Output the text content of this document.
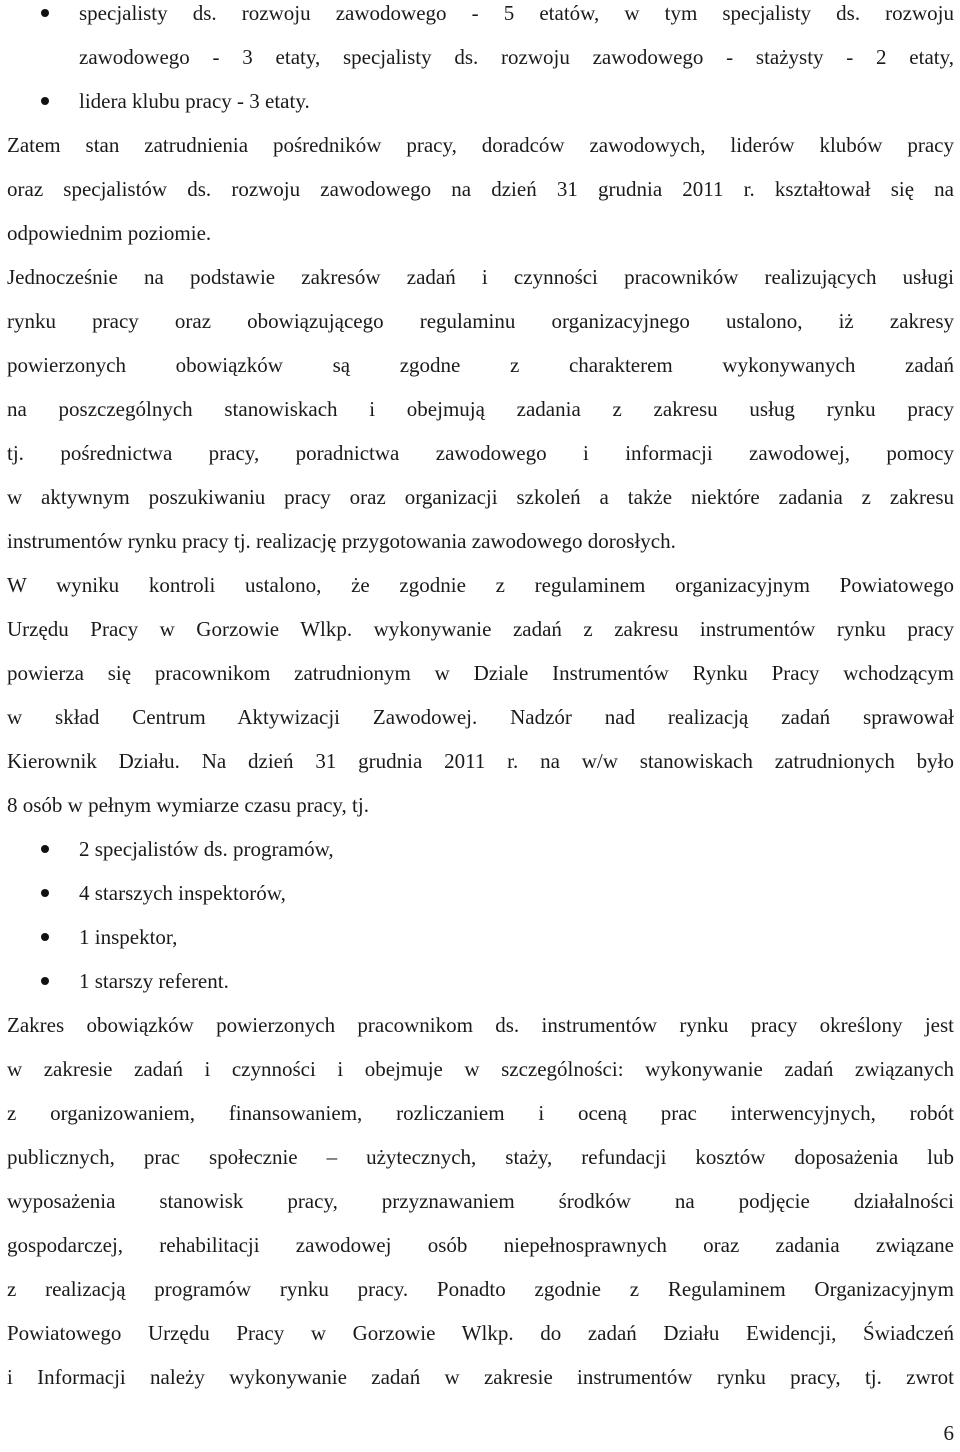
specjalisty ds. rozwoju zawodowego - 5 etatów, w tym specjalisty ds. rozwoju
zawodowego - 3 etaty, specjalisty ds. rozwoju zawodowego - stażysty - 2 etaty,
lidera klubu pracy - 3 etaty.
Zatem stan zatrudnienia pośredników pracy, doradców zawodowych, liderów klubów pracy
oraz specjalistów ds. rozwoju zawodowego na dzień 31 grudnia 2011 r. kształtował się na
odpowiednim poziomie.
Jednocześnie na podstawie zakresów zadań i czynności pracowników realizujących usługi
rynku pracy oraz obowiązującego regulaminu organizacyjnego ustalono, iż zakresy
powierzonych obowiązków są zgodne z charakterem wykonywanych zadań
na poszczególnych stanowiskach i obejmują zadania z zakresu usług rynku pracy
tj. pośrednictwa pracy, poradnictwa zawodowego i informacji zawodowej, pomocy
w aktywnym poszukiwaniu pracy oraz organizacji szkoleń a także niektóre zadania z zakresu
instrumentów rynku pracy tj. realizację przygotowania zawodowego dorosłych.
W wyniku kontroli ustalono, że zgodnie z regulaminem organizacyjnym Powiatowego
Urzędu Pracy w Gorzowie Wlkp. wykonywanie zadań z zakresu instrumentów rynku pracy
powierza się pracownikom zatrudnionym w Dziale Instrumentów Rynku Pracy wchodzącym
w skład Centrum Aktywizacji Zawodowej. Nadzór nad realizacją zadań sprawował
Kierownik Działu. Na dzień 31 grudnia 2011 r. na w/w stanowiskach zatrudnionych było
8 osób w pełnym wymiarze czasu pracy, tj.
2 specjalistów ds. programów,
4 starszych inspektorów,
1 inspektor,
1 starszy referent.
Zakres obowiązków powierzonych pracownikom ds. instrumentów rynku pracy określony jest
w zakresie zadań i czynności i obejmuje w szczególności: wykonywanie zadań związanych
z organizowaniem, finansowaniem, rozliczaniem i oceną prac interwencyjnych, robót
publicznych, prac społecznie – użytecznych, staży, refundacji kosztów doposażenia lub
wyposażenia stanowisk pracy, przyznawaniem środków na podjęcie działalności
gospodarczej, rehabilitacji zawodowej osób niepełnosprawnych oraz zadania związane
z realizacją programów rynku pracy. Ponadto zgodnie z Regulaminem Organizacyjnym
Powiatowego Urzędu Pracy w Gorzowie Wlkp. do zadań Działu Ewidencji, Świadczeń
i Informacji należy wykonywanie zadań w zakresie instrumentów rynku pracy, tj. zwrot
6
